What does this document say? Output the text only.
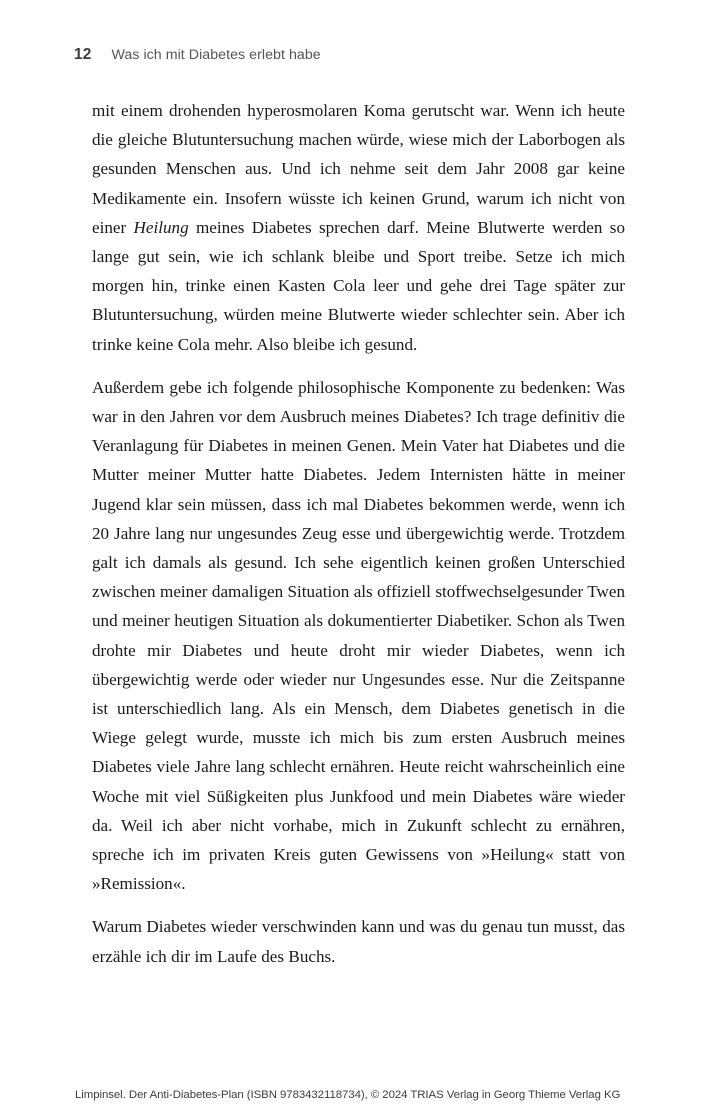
12 Was ich mit Diabetes erlebt habe

mit einem drohenden hyperosmolaren Koma gerutscht war. Wenn ich heute die gleiche Blutuntersuchung machen würde, wiese mich der Laborbogen als gesunden Menschen aus. Und ich nehme seit dem Jahr 2008 gar keine Medikamente ein. Insofern wüsste ich keinen Grund, warum ich nicht von einer Heilung meines Diabetes sprechen darf. Meine Blutwerte werden so lange gut sein, wie ich schlank bleibe und Sport treibe. Setze ich mich morgen hin, trinke einen Kasten Cola leer und gehe drei Tage später zur Blutuntersuchung, würden meine Blutwerte wieder schlechter sein. Aber ich trinke keine Cola mehr. Also bleibe ich gesund.

Außerdem gebe ich folgende philosophische Komponente zu bedenken: Was war in den Jahren vor dem Ausbruch meines Diabetes? Ich trage definitiv die Veranlagung für Diabetes in meinen Genen. Mein Vater hat Diabetes und die Mutter meiner Mutter hatte Diabetes. Jedem Internisten hätte in meiner Jugend klar sein müssen, dass ich mal Diabetes bekommen werde, wenn ich 20 Jahre lang nur ungesundes Zeug esse und übergewichtig werde. Trotzdem galt ich damals als gesund. Ich sehe eigentlich keinen großen Unterschied zwischen meiner damaligen Situation als offiziell stoffwechselgesunder Twen und meiner heutigen Situation als dokumentierter Diabetiker. Schon als Twen drohte mir Diabetes und heute droht mir wieder Diabetes, wenn ich übergewichtig werde oder wieder nur Ungesundes esse. Nur die Zeitspanne ist unterschiedlich lang. Als ein Mensch, dem Diabetes genetisch in die Wiege gelegt wurde, musste ich mich bis zum ersten Ausbruch meines Diabetes viele Jahre lang schlecht ernähren. Heute reicht wahrscheinlich eine Woche mit viel Süßigkeiten plus Junkfood und mein Diabetes wäre wieder da. Weil ich aber nicht vorhabe, mich in Zukunft schlecht zu ernähren, spreche ich im privaten Kreis guten Gewissens von »Heilung« statt von »Remission«.

Warum Diabetes wieder verschwinden kann und was du genau tun musst, das erzähle ich dir im Laufe des Buchs.

Limpinsel. Der Anti-Diabetes-Plan (ISBN 9783432118734), © 2024 TRIAS Verlag in Georg Thieme Verlag KG
